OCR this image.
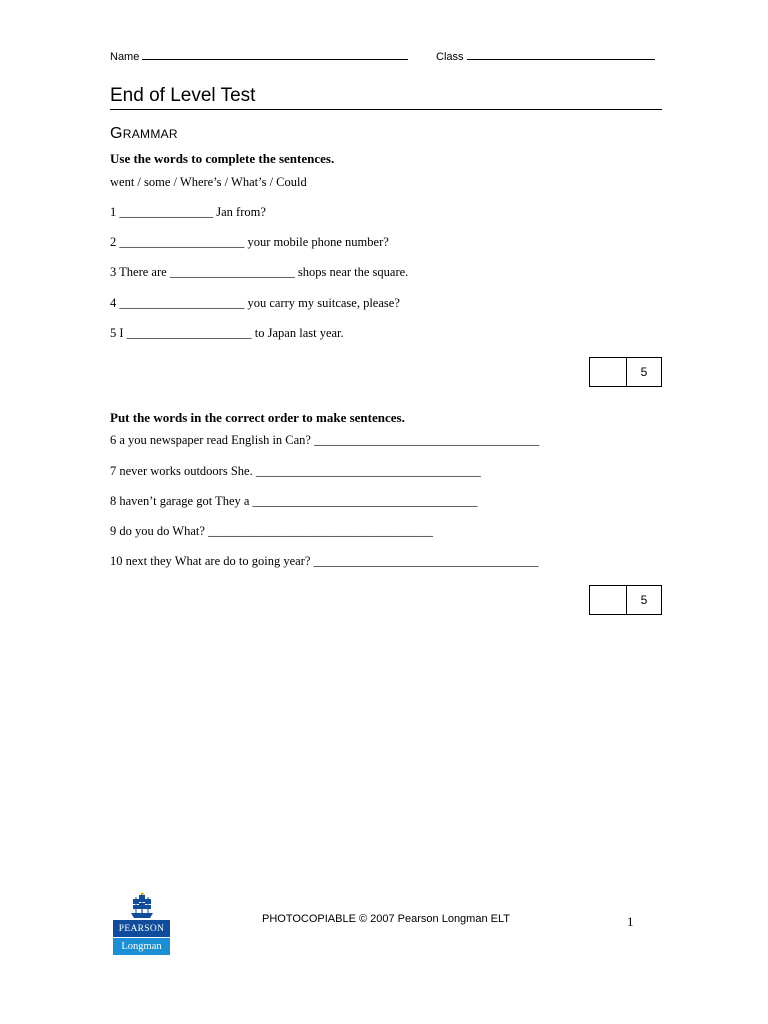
Name	Class
End of Level Test
GRAMMAR
Use the words to complete the sentences.
went / some / Where’s / What’s / Could
1 _______________ Jan from?
2 ____________________ your mobile phone number?
3 There are ____________________ shops near the square.
4 ____________________ you carry my suitcase, please?
5 I ____________________ to Japan last year.
5
Put the words in the correct order to make sentences.
6 a you newspaper read English in Can? ____________________________________
7 never works outdoors She. ____________________________________
8 haven’t garage got They a ____________________________________
9 do you do What? ____________________________________
10 next they What are do to going year? ____________________________________
5
PEARSON
Longman
PHOTOCOPIABLE © 2007 Pearson Longman ELT	1
